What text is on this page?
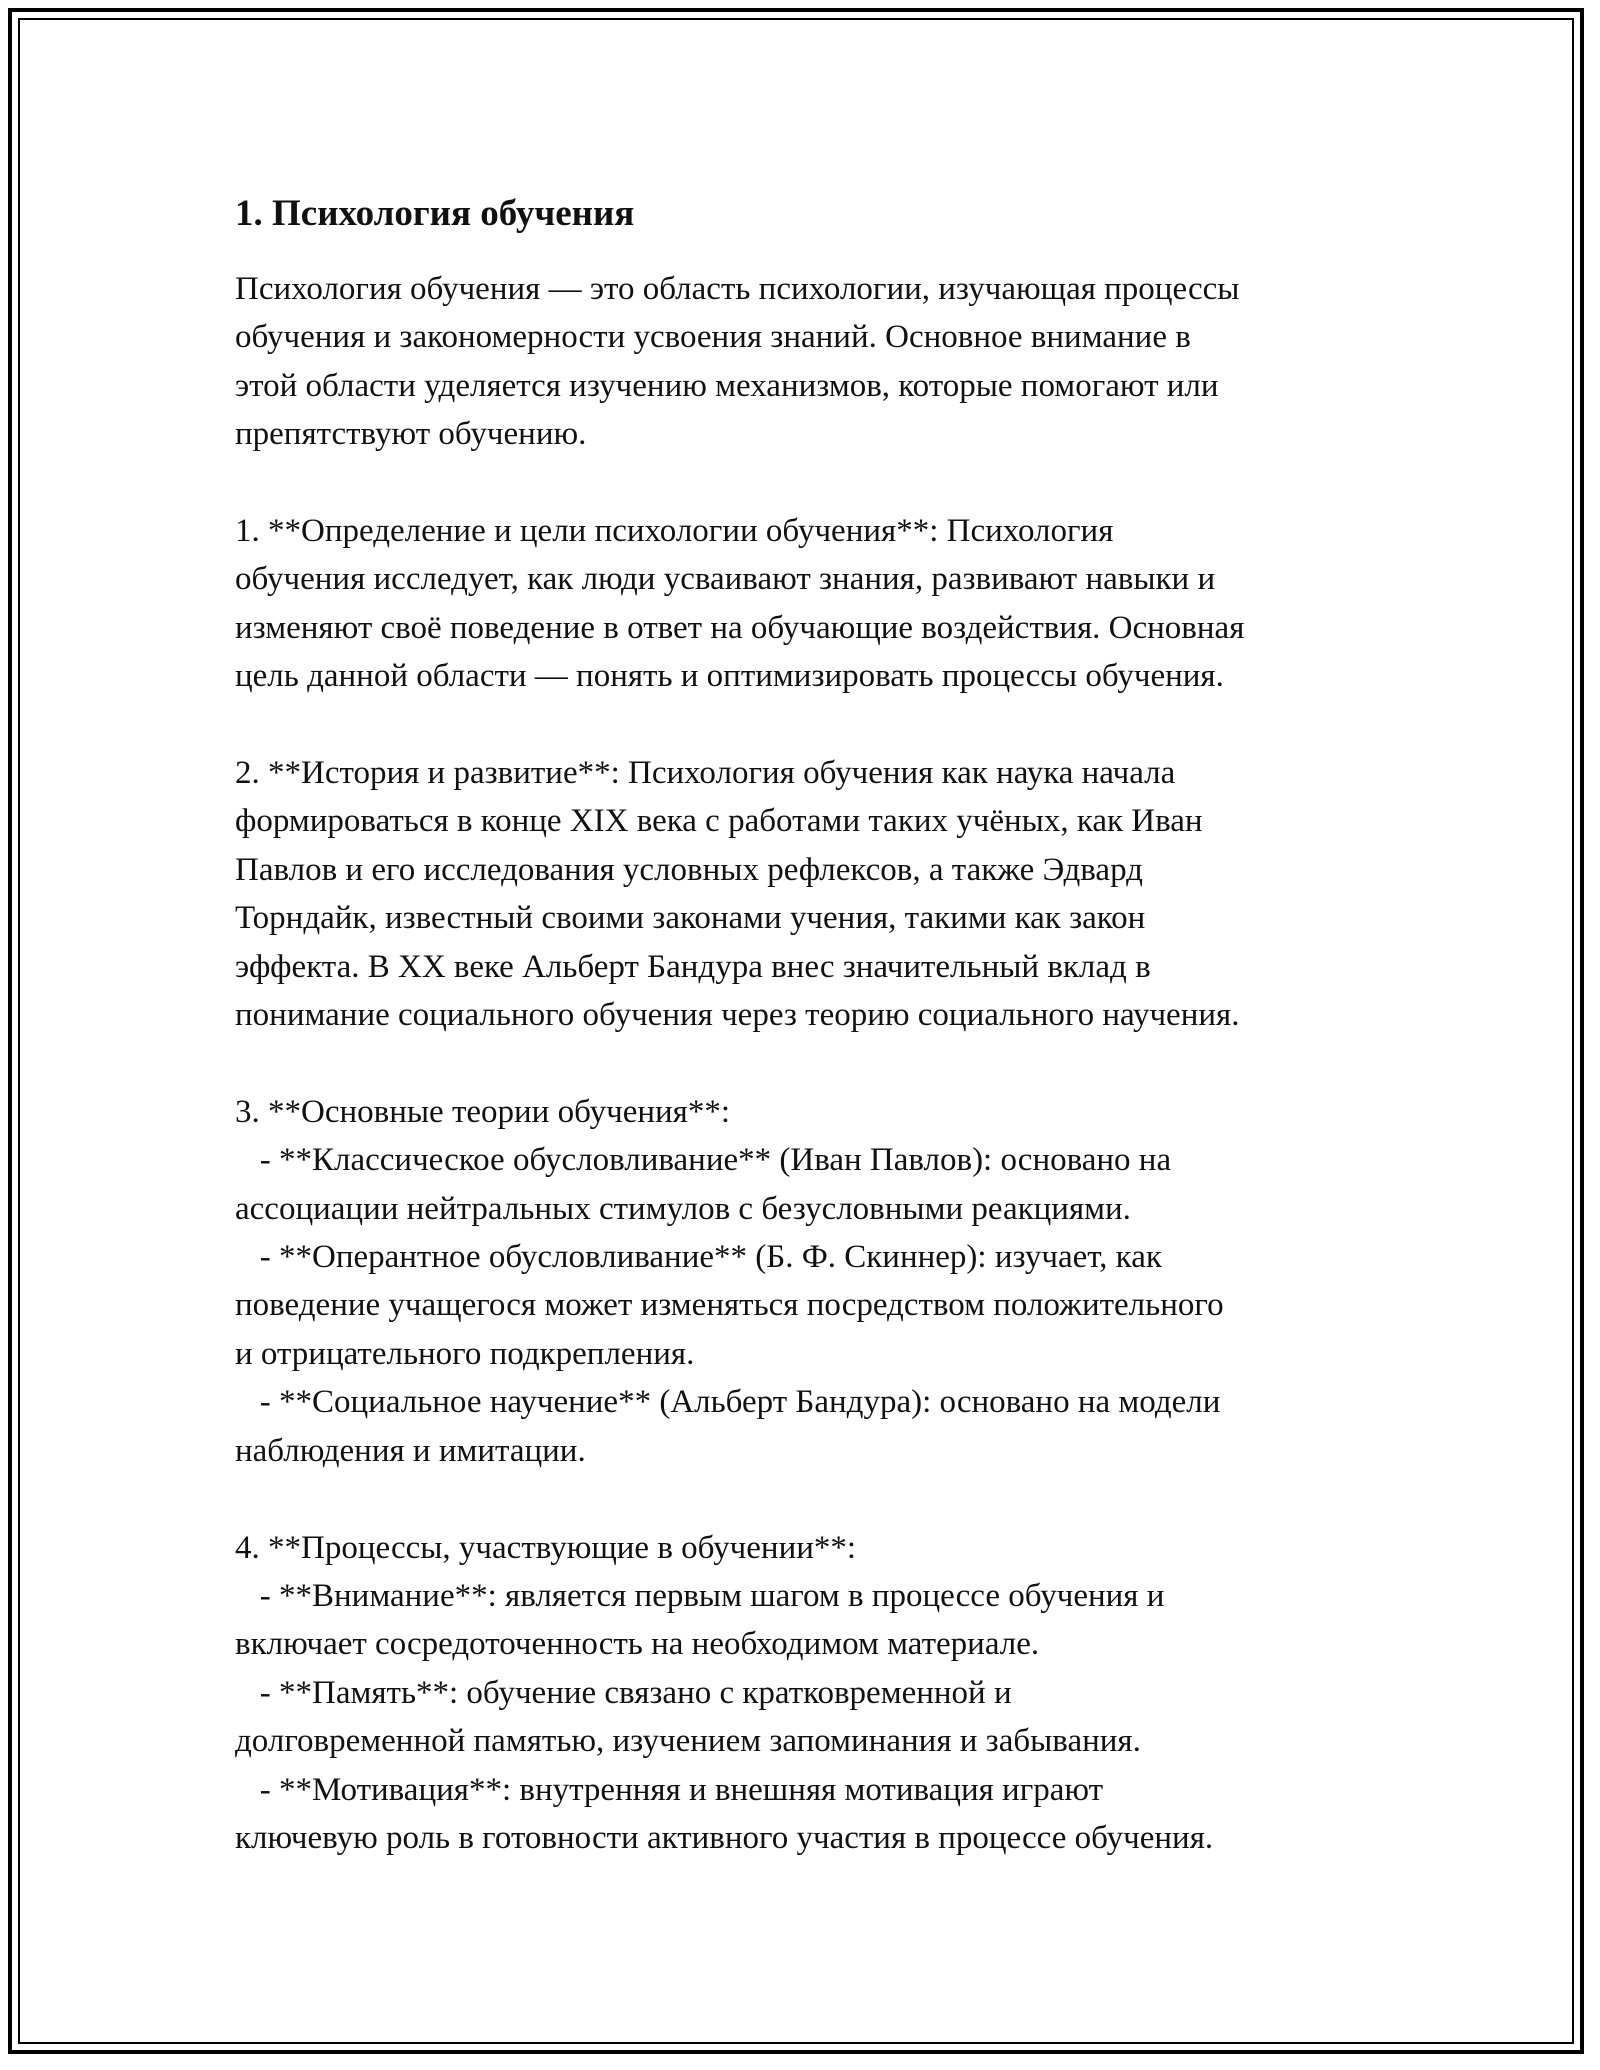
1. Психология обучения

Психология обучения — это область психологии, изучающая процессы

обучения и закономерности усвоения знаний. Основное внимание в

этой области уделяется изучению механизмов, которые помогают или

препятствуют обучению.

1. **Определение и цели психологии обучения**: Психология

обучения исследует, как люди усваивают знания, развивают навыки и

изменяют своё поведение в ответ на обучающие воздействия. Основная

цель данной области — понять и оптимизировать процессы обучения.

2. **История и развитие**: Психология обучения как наука начала

формироваться в конце XIX века с работами таких учёных, как Иван

Павлов и его исследования условных рефлексов, а также Эдвард

Торндайк, известный своими законами учения, такими как закон

эффекта. В XX веке Альберт Бандура внес значительный вклад в

понимание социального обучения через теорию социального научения.

3. **Основные теории обучения**:

- **Классическое обусловливание** (Иван Павлов): основано на

ассоциации нейтральных стимулов с безусловными реакциями.

- **Оперантное обусловливание** (Б. Ф. Скиннер): изучает, как

поведение учащегося может изменяться посредством положительного

и отрицательного подкрепления.

- **Социальное научение** (Альберт Бандура): основано на модели

наблюдения и имитации.

4. **Процессы, участвующие в обучении**:

- **Внимание**: является первым шагом в процессе обучения и

включает сосредоточенность на необходимом материале.

- **Память**: обучение связано с кратковременной и

долговременной памятью, изучением запоминания и забывания.

- **Мотивация**: внутренняя и внешняя мотивация играют

ключевую роль в готовности активного участия в процессе обучения.
